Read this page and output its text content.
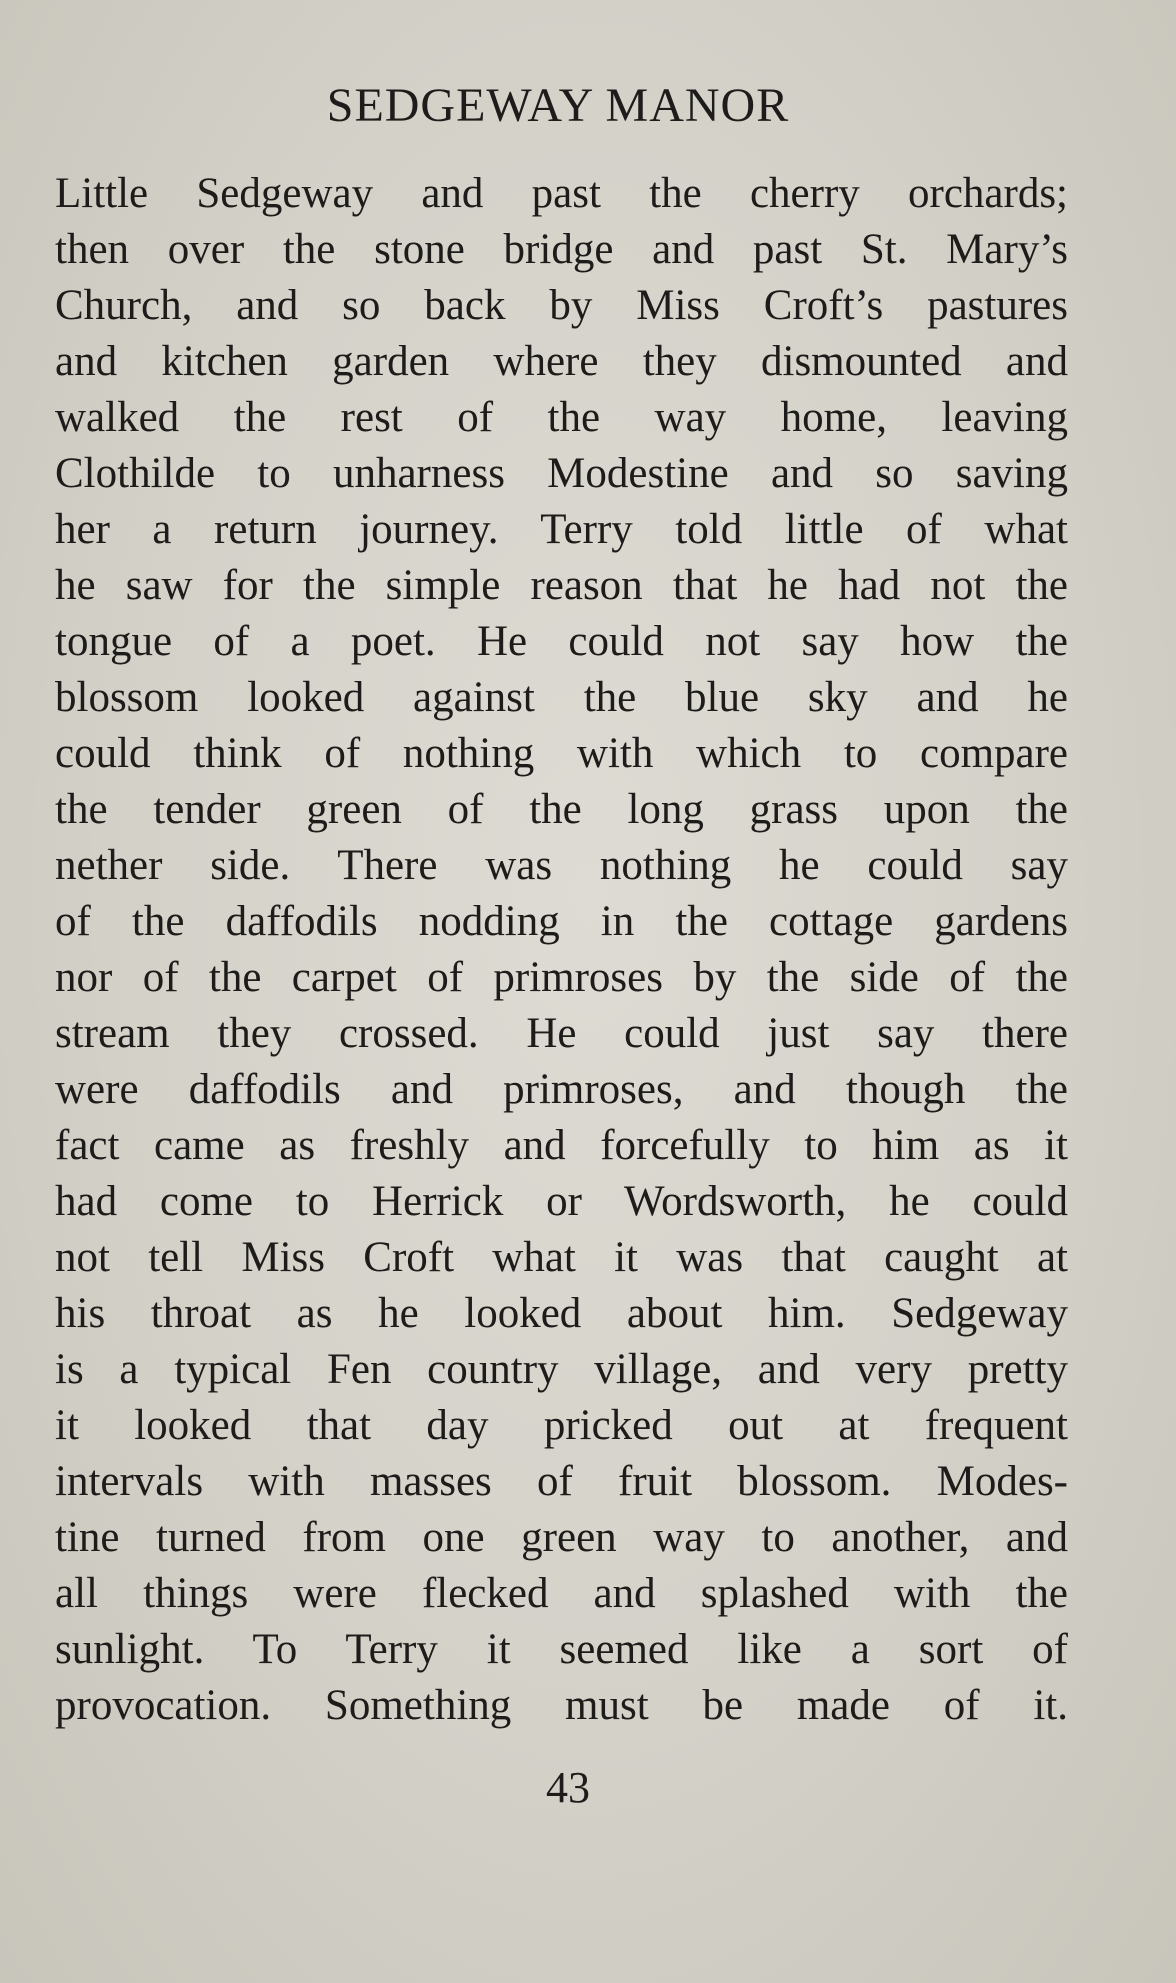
SEDGEWAY MANOR
Little Sedgeway and past the cherry orchards;
then over the stone bridge and past St. Mary’s
Church, and so back by Miss Croft’s pastures
and kitchen garden where they dismounted and
walked the rest of the way home, leaving
Clothilde to unharness Modestine and so saving
her a return journey. Terry told little of what
he saw for the simple reason that he had not the
tongue of a poet. He could not say how the
blossom looked against the blue sky and he
could think of nothing with which to compare
the tender green of the long grass upon the
nether side. There was nothing he could say
of the daffodils nodding in the cottage gardens
nor of the carpet of primroses by the side of the
stream they crossed. He could just say there
were daffodils and primroses, and though the
fact came as freshly and forcefully to him as it
had come to Herrick or Wordsworth, he could
not tell Miss Croft what it was that caught at
his throat as he looked about him. Sedgeway
is a typical Fen country village, and very pretty
it looked that day pricked out at frequent
intervals with masses of fruit blossom. Modes-
tine turned from one green way to another, and
all things were flecked and splashed with the
sunlight. To Terry it seemed like a sort of
provocation. Something must be made of it.
43
